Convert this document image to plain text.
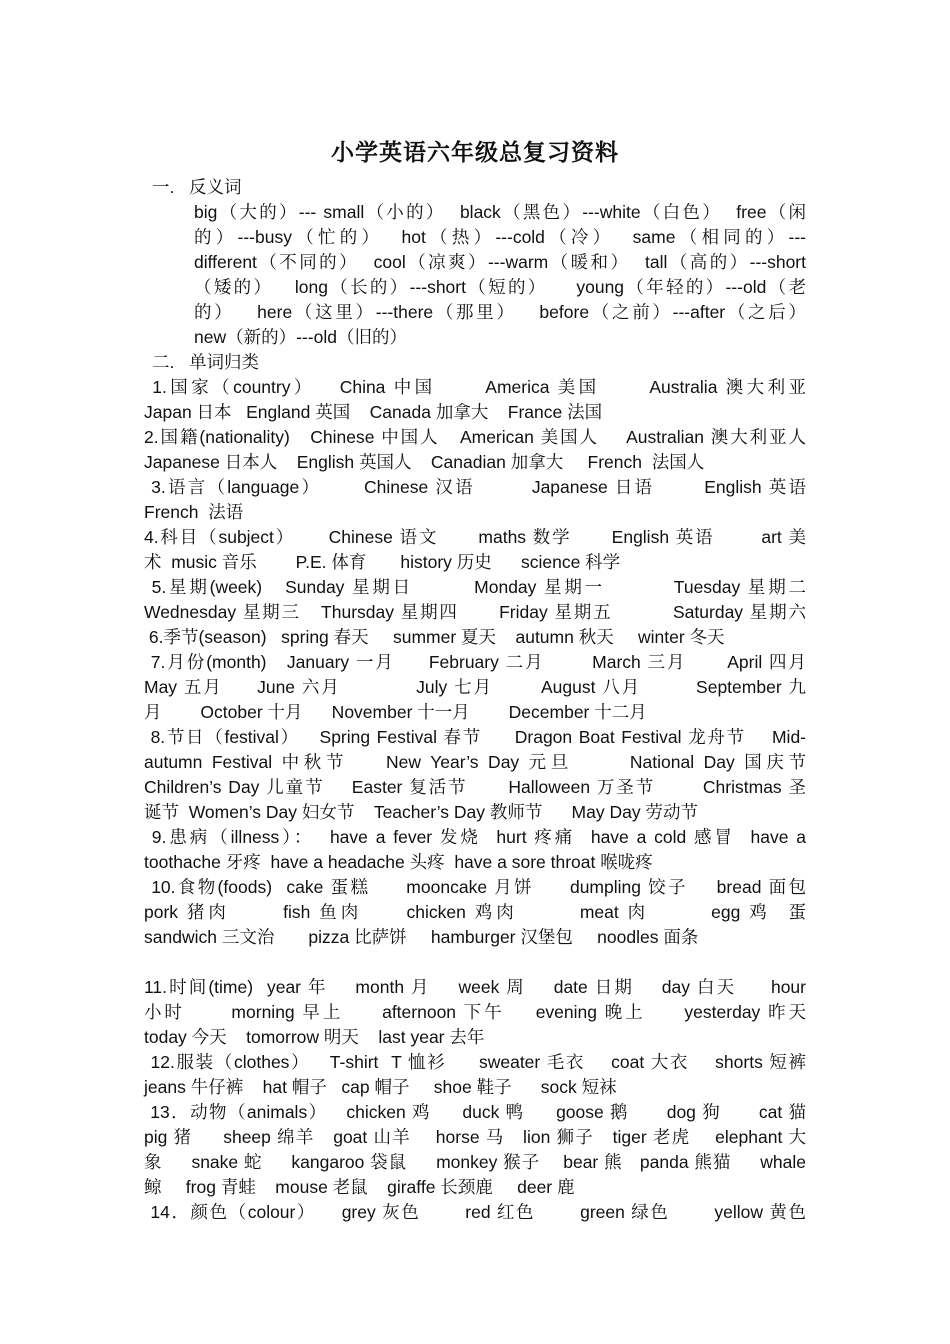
小学英语六年级总复习资料
一.   反义词
big（大的）--- small（小的）  black（黑色）---white（白色）  free（闲
的）---busy（忙的）  hot（热）---cold（冷）  same（相同的）---
different（不同的）  cool（凉爽）---warm（暖和）  tall（高的）---short
（矮的）   long（长的）---short（短的）    young（年轻的）---old（老
的）   here（这里）---there（那里）   before（之前）---after（之后）
new（新的）---old（旧的）
二.   单词归类
1.国家（country）   China 中国      America 美国      Australia 澳大利亚
Japan 日本   England 英国    Canada 加拿大    France 法国
2.国籍(nationality)   Chinese 中国人   American 美国人    Australian 澳大利亚人
Japanese 日本人    English 英国人    Canadian 加拿大     French  法国人
3.语言（language）      Chinese 汉语        Japanese 日语       English 英语
French  法语
4.科目（subject）     Chinese 语文      maths 数学      English 英语       art 美
术  music 音乐        P.E. 体育       history 历史      science 科学
5.星期(week)   Sunday 星期日        Monday 星期一         Tuesday 星期二
Wednesday 星期三   Thursday 星期四      Friday 星期五         Saturday 星期六
6.季节(season)   spring 春天     summer 夏天    autumn 秋天     winter 冬天
7.月份(month)   January 一月     February 二月       March 三月      April 四月
May 五月     June 六月           July 七月       August 八月        September 九
月        October 十月      November 十一月        December 十二月
8.节日（festival）   Spring Festival 春节     Dragon Boat Festival 龙舟节    Mid-
autumn Festival 中秋节    New Year’s Day 元旦      National Day 国庆节
Children’s Day 儿童节    Easter 复活节      Halloween 万圣节       Christmas 圣
诞节  Women’s Day 妇女节    Teacher’s Day 教师节      May Day 劳动节
9.患病（illness）：  have a fever 发烧  hurt 疼痛  have a cold 感冒  have a
toothache 牙疼  have a headache 头疼  have a sore throat 喉咙疼
10.食物(foods)  cake 蛋糕     mooncake 月饼     dumpling 饺子    bread 面包
pork 猪肉      fish 鱼肉     chicken 鸡肉       meat 肉       egg 鸡  蛋
sandwich 三文治       pizza 比萨饼     hamburger 汉堡包     noodles 面条
11.时间(time)  year 年    month 月    week 周    date 日期    day 白天     hour
小时      morning 早上     afternoon 下午    evening 晚上     yesterday 昨天
today 今天    tomorrow 明天    last year 去年
12.服装（clothes）   T-shirt  T 恤衫     sweater 毛衣    coat 大衣    shorts 短裤
jeans 牛仔裤    hat 帽子   cap 帽子     shoe 鞋子      sock 短袜
13．动物（animals）   chicken 鸡     duck 鸭     goose 鹅      dog 狗      cat 猫
pig 猪     sheep 绵羊   goat 山羊    horse 马   lion 狮子   tiger 老虎    elephant 大
象     snake 蛇     kangaroo 袋鼠     monkey 猴子    bear 熊   panda 熊猫     whale
鲸     frog 青蛙    mouse 老鼠    giraffe 长颈鹿     deer 鹿
14．颜色（colour）    grey 灰色       red 红色       green 绿色       yellow 黄色
